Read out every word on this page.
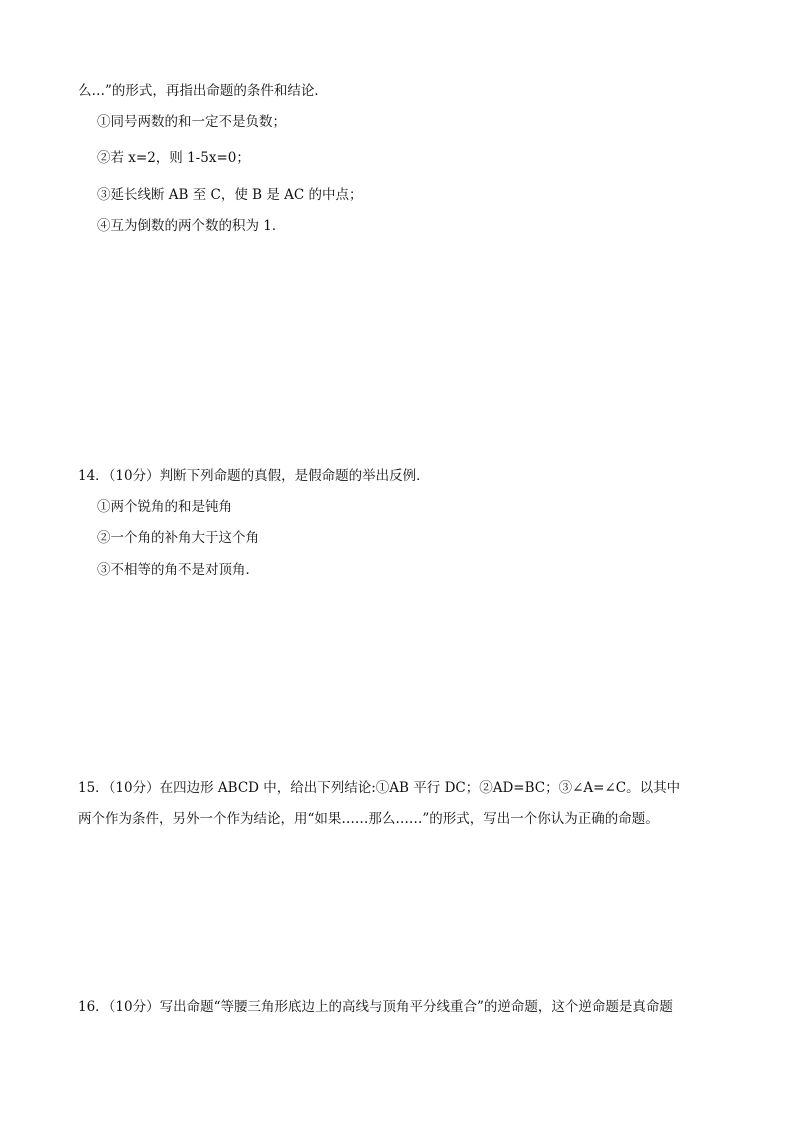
么…”的形式，再指出命题的条件和结论．
①同号两数的和一定不是负数；
②若 x=2，则 1-5x=0；
③延长线断 AB 至 C，使 B 是 AC 的中点；
④互为倒数的两个数的积为 1．
14．（10分）判断下列命题的真假，是假命题的举出反例．
①两个锐角的和是钝角
②一个角的补角大于这个角
③不相等的角不是对顶角．
15．（10分）在四边形 ABCD 中，给出下列结论:①AB 平行 DC；②AD=BC；③∠A=∠C。以其中
两个作为条件，另外一个作为结论，用“如果……那么……”的形式，写出一个你认为正确的命题。
16．（10分）写出命题“等腰三角形底边上的高线与顶角平分线重合”的逆命题，这个逆命题是真命题
